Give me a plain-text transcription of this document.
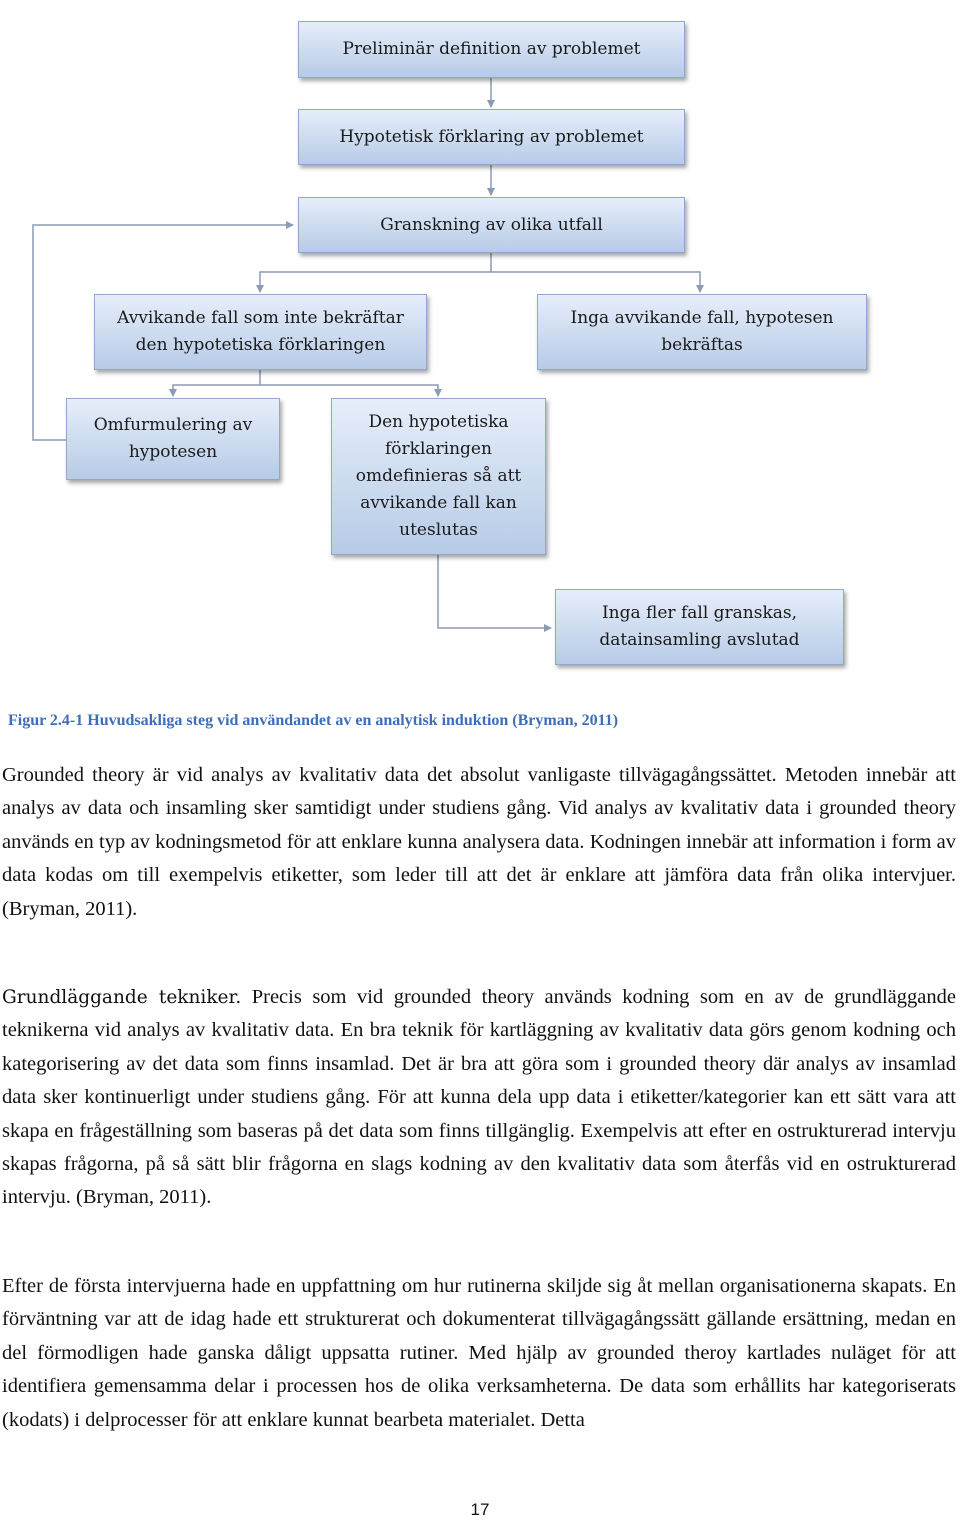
Preliminär definition av problemet
Hypotetisk förklaring av problemet
Granskning av olika utfall
Avvikande fall som inte bekräftar
den hypotetiska förklaringen
Inga avvikande fall, hypotesen
bekräftas
Omfurmulering av
hypotesen
Den hypotetiska
förklaringen
omdefinieras så att
avvikande fall kan
uteslutas
Inga fler fall granskas,
datainsamling avslutad
Figur 2.4-1 Huvudsakliga steg vid användandet av en analytisk induktion (Bryman, 2011)

Grounded theory är vid analys av kvalitativ data det absolut vanligaste tillvägagångssättet. Metoden innebär att analys av data och insamling sker samtidigt under studiens gång. Vid analys av kvalitativ data i grounded theory används en typ av kodningsmetod för att enklare kunna analysera data. Kodningen innebär att information i form av data kodas om till exempelvis etiketter, som leder till att det är enklare att jämföra data från olika intervjuer. (Bryman, 2011).

Grundläggande tekniker. Precis som vid grounded theory används kodning som en av de grundläggande teknikerna vid analys av kvalitativ data. En bra teknik för kartläggning av kvalitativ data görs genom kodning och kategorisering av det data som finns insamlad. Det är bra att göra som i grounded theory där analys av insamlad data sker kontinuerligt under studiens gång. För att kunna dela upp data i etiketter/kategorier kan ett sätt vara att skapa en frågeställning som baseras på det data som finns tillgänglig. Exempelvis att efter en ostrukturerad intervju skapas frågorna, på så sätt blir frågorna en slags kodning av den kvalitativ data som återfås vid en ostrukturerad intervju. (Bryman, 2011).

Efter de första intervjuerna hade en uppfattning om hur rutinerna skiljde sig åt mellan organisationerna skapats. En förväntning var att de idag hade ett strukturerat och dokumenterat tillvägagångssätt gällande ersättning, medan en del förmodligen hade ganska dåligt uppsatta rutiner. Med hjälp av grounded theroy kartlades nuläget för att identifiera gemensamma delar i processen hos de olika verksamheterna. De data som erhållits har kategoriserats (kodats) i delprocesser för att enklare kunnat bearbeta materialet. Detta

17
